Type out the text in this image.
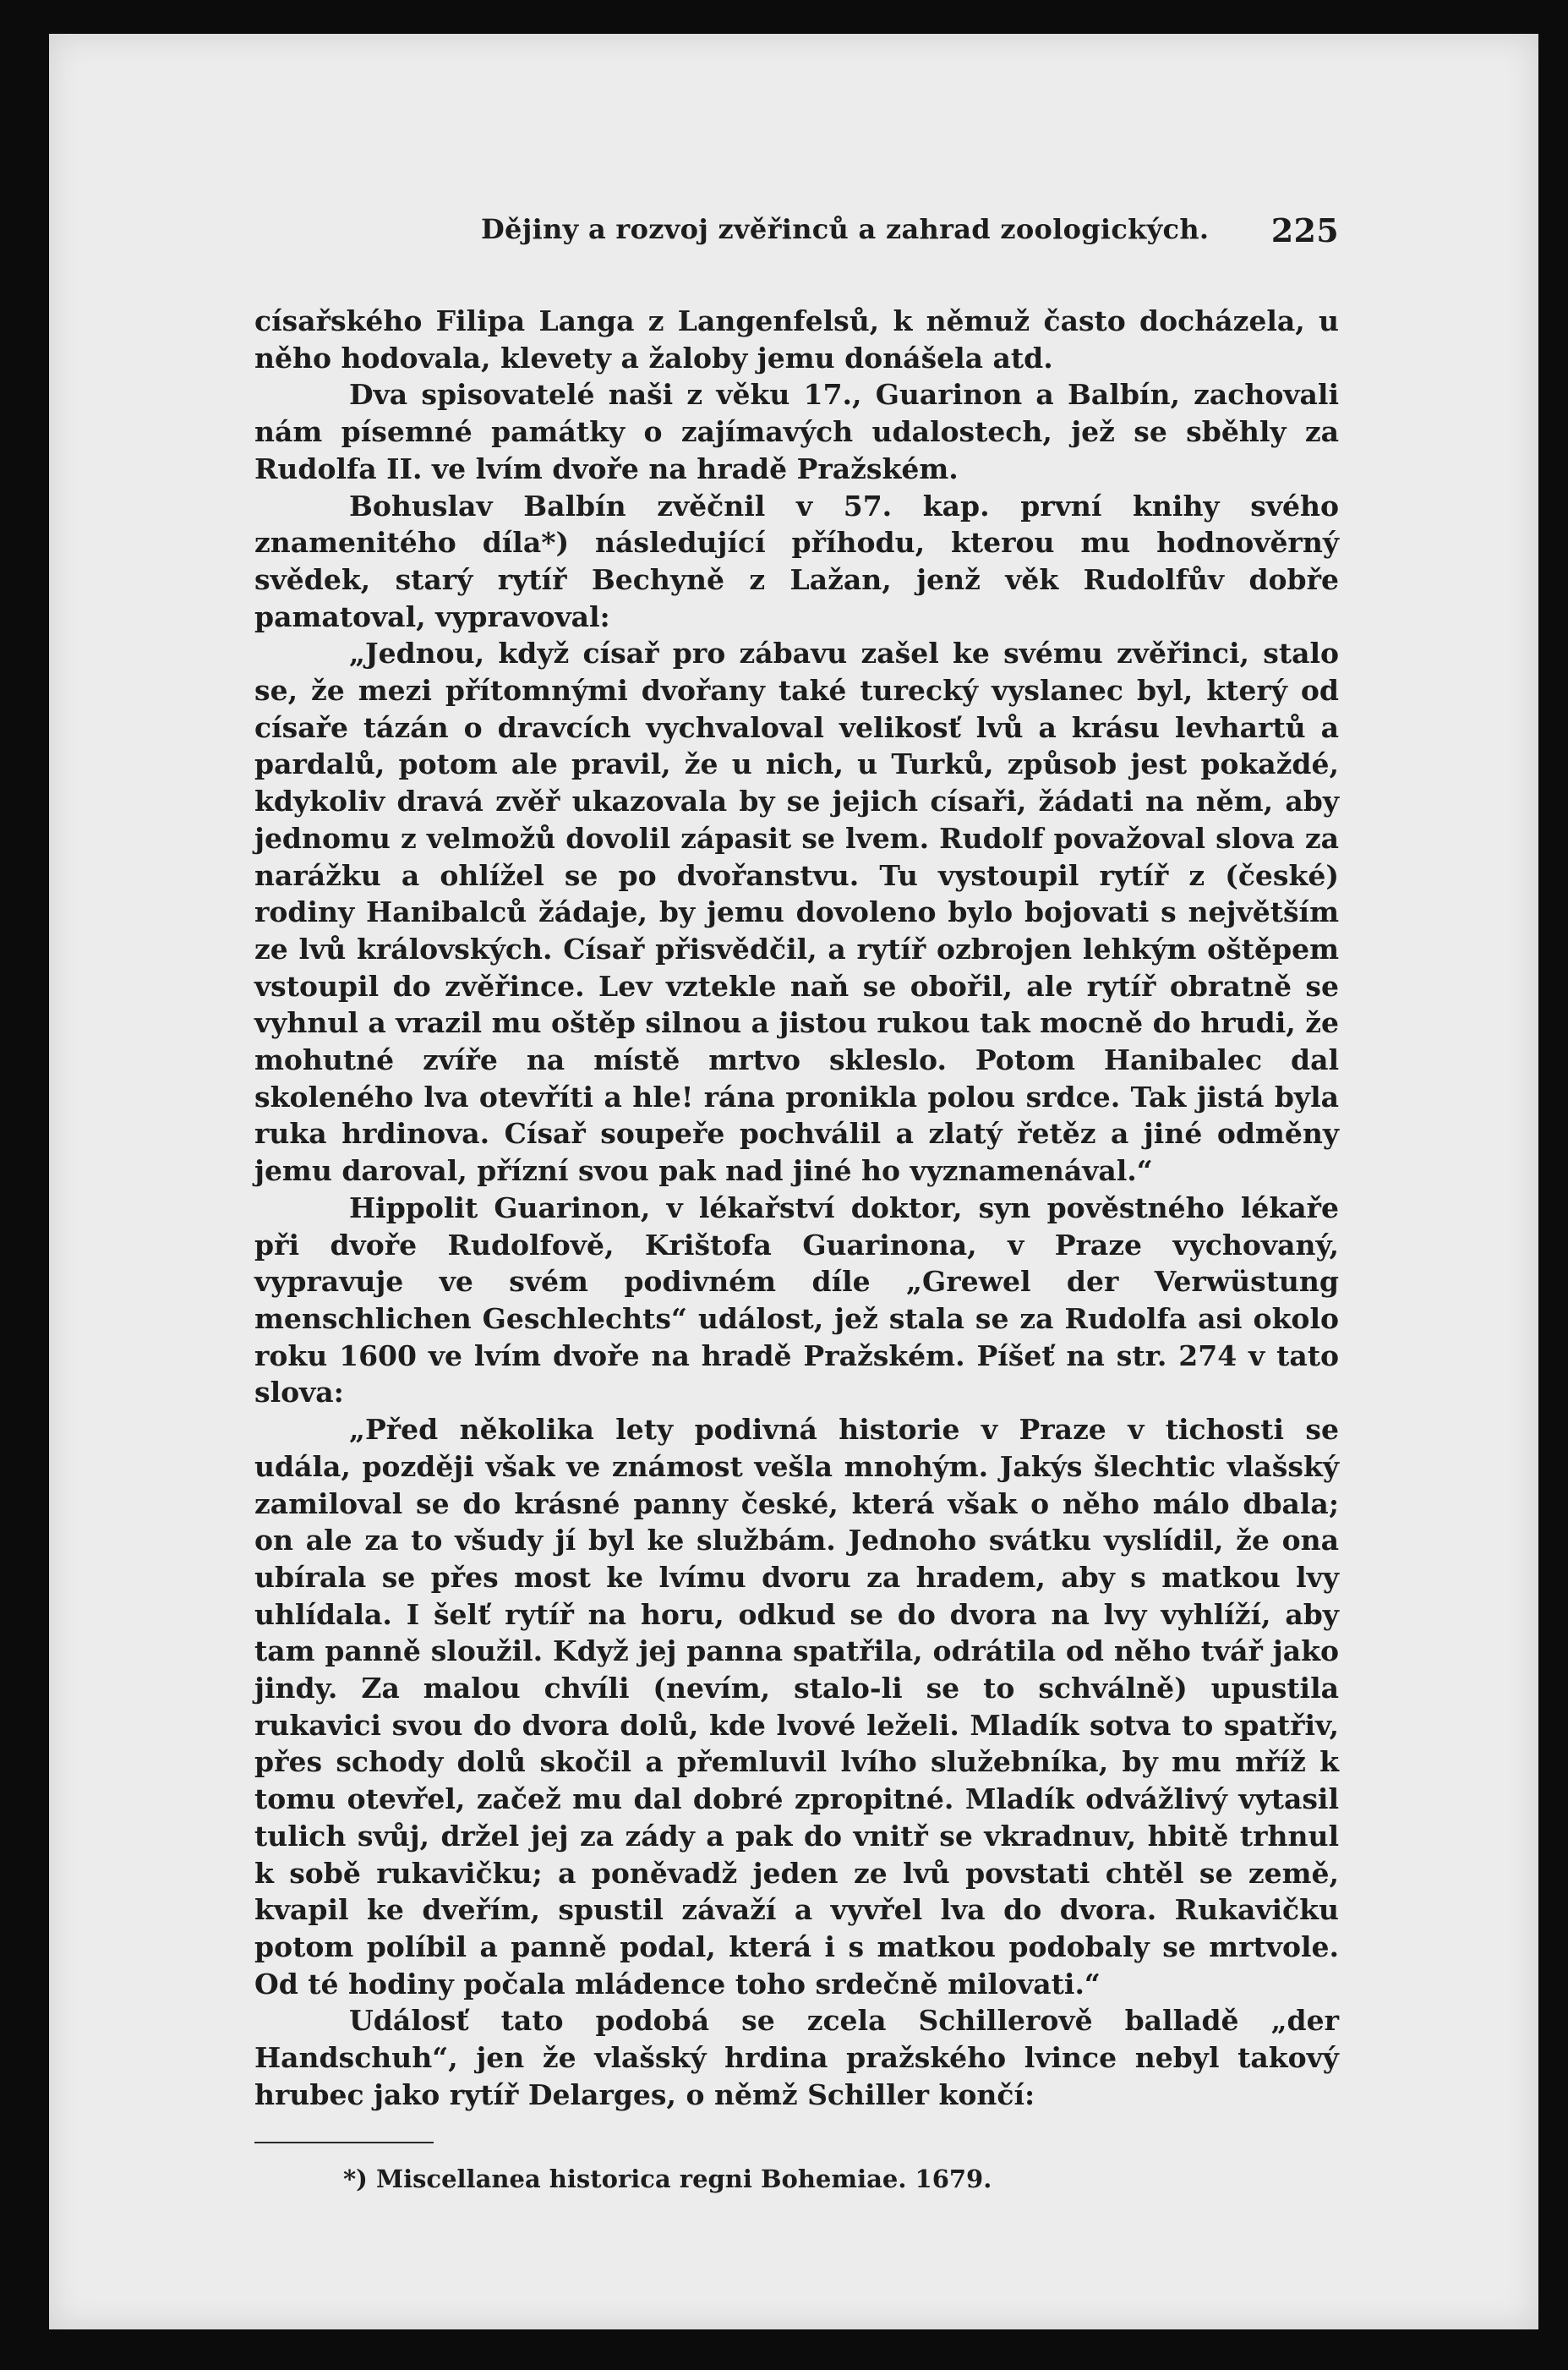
Dějiny a rozvoj zvěřinců a zahrad zoologických. 225

císařského Filipa Langa z Langenfelsů, k němuž často docházela, u něho hodovala, klevety a žaloby jemu donášela atd.

Dva spisovatelé naši z věku 17., Guarinon a Balbín, zachovali nám písemné památky o zajímavých udalostech, jež se sběhly za Rudolfa II. ve lvím dvoře na hradě Pražském.

Bohuslav Balbín zvěčnil v 57. kap. první knihy svého znamenitého díla*) následující příhodu, kterou mu hodnověrný svědek, starý rytíř Bechyně z Lažan, jenž věk Rudolfův dobře pamatoval, vypravoval:

„Jednou, když císař pro zábavu zašel ke svému zvěřinci, stalo se, že mezi přítomnými dvořany také turecký vyslanec byl, který od císaře tázán o dravcích vychvaloval velikosť lvů a krásu levhartů a pardalů, potom ale pravil, že u nich, u Turků, způsob jest pokaždé, kdykoliv dravá zvěř ukazovala by se jejich císaři, žádati na něm, aby jednomu z velmožů dovolil zápasit se lvem. Rudolf považoval slova za narážku a ohlížel se po dvořanstvu. Tu vystoupil rytíř z (české) rodiny Hanibalců žádaje, by jemu dovoleno bylo bojovati s největším ze lvů královských. Císař přisvědčil, a rytíř ozbrojen lehkým oštěpem vstoupil do zvěřince. Lev vztekle naň se obořil, ale rytíř obratně se vyhnul a vrazil mu oštěp silnou a jistou rukou tak mocně do hrudi, že mohutné zvíře na místě mrtvo skleslo. Potom Hanibalec dal skoleného lva otevříti a hle! rána pronikla polou srdce. Tak jistá byla ruka hrdinova. Císař soupeře pochválil a zlatý řetěz a jiné odměny jemu daroval, přízní svou pak nad jiné ho vyznamenával.“

Hippolit Guarinon, v lékařství doktor, syn pověstného lékaře při dvoře Rudolfově, Krištofa Guarinona, v Praze vychovaný, vypravuje ve svém podivném díle „Grewel der Verwüstung menschlichen Geschlechts“ událost, jež stala se za Rudolfa asi okolo roku 1600 ve lvím dvoře na hradě Pražském. Píšeť na str. 274 v tato slova:

„Před několika lety podivná historie v Praze v tichosti se udála, později však ve známost vešla mnohým. Jakýs šlechtic vlašský zamiloval se do krásné panny české, která však o něho málo dbala; on ale za to všudy jí byl ke službám. Jednoho svátku vyslídil, že ona ubírala se přes most ke lvímu dvoru za hradem, aby s matkou lvy uhlídala. I šelť rytíř na horu, odkud se do dvora na lvy vyhlíží, aby tam panně sloužil. Když jej panna spatřila, odrátila od něho tvář jako jindy. Za malou chvíli (nevím, stalo-li se to schválně) upustila rukavici svou do dvora dolů, kde lvové leželi. Mladík sotva to spatřiv, přes schody dolů skočil a přemluvil lvího služebníka, by mu mříž k tomu otevřel, začež mu dal dobré zpropitné. Mladík odvážlivý vytasil tulich svůj, držel jej za zády a pak do vnitř se vkradnuv, hbitě trhnul k sobě rukavičku; a poněvadž jeden ze lvů povstati chtěl se země, kvapil ke dveřím, spustil závaží a vyvřel lva do dvora. Rukavičku potom políbil a panně podal, která i s matkou podobaly se mrtvole. Od té hodiny počala mládence toho srdečně milovati.“

Událosť tato podobá se zcela Schillerově balladě „der Handschuh“, jen že vlašský hrdina pražského lvince nebyl takový hrubec jako rytíř Delarges, o němž Schiller končí:

*) Miscellanea historica regni Bohemiae. 1679.
